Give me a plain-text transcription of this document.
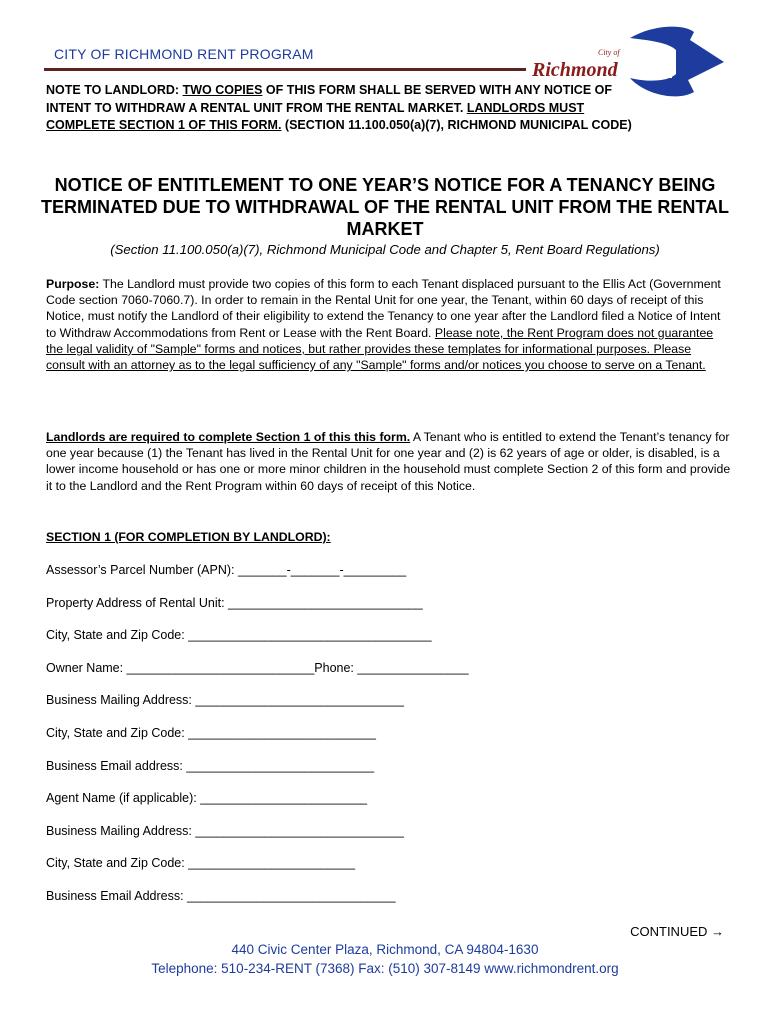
CITY OF RICHMOND RENT PROGRAM	City of
Richmond
NOTE TO LANDLORD: TWO COPIES OF THIS FORM SHALL BE SERVED WITH ANY NOTICE OF INTENT TO WITHDRAW A RENTAL UNIT FROM THE RENTAL MARKET. LANDLORDS MUST COMPLETE SECTION 1 OF THIS FORM. (SECTION 11.100.050(a)(7), RICHMOND MUNICIPAL CODE)
NOTICE OF ENTITLEMENT TO ONE YEAR’S NOTICE FOR A TENANCY BEING TERMINATED DUE TO WITHDRAWAL OF THE RENTAL UNIT FROM THE RENTAL MARKET
(Section 11.100.050(a)(7), Richmond Municipal Code and Chapter 5, Rent Board Regulations)
Purpose: The Landlord must provide two copies of this form to each Tenant displaced pursuant to the Ellis Act (Government Code section 7060-7060.7). In order to remain in the Rental Unit for one year, the Tenant, within 60 days of receipt of this Notice, must notify the Landlord of their eligibility to extend the Tenancy to one year after the Landlord filed a Notice of Intent to Withdraw Accommodations from Rent or Lease with the Rent Board. Please note, the Rent Program does not guarantee the legal validity of "Sample" forms and notices, but rather provides these templates for informational purposes. Please consult with an attorney as to the legal sufficiency of any "Sample" forms and/or notices you choose to serve on a Tenant.
Landlords are required to complete Section 1 of this this form. A Tenant who is entitled to extend the Tenant’s tenancy for one year because (1) the Tenant has lived in the Rental Unit for one year and (2) is 62 years of age or older, is disabled, is a lower income household or has one or more minor children in the household must complete Section 2 of this form and provide it to the Landlord and the Rent Program within 60 days of receipt of this Notice.
SECTION 1 (FOR COMPLETION BY LANDLORD):
Assessor’s Parcel Number (APN): _______-_______-_________
Property Address of Rental Unit: ____________________________
City, State and Zip Code: ___________________________________
Owner Name: ___________________________Phone: ________________
Business Mailing Address: ______________________________
City, State and Zip Code: ___________________________
Business Email address: ___________________________
Agent Name (if applicable): ________________________
Business Mailing Address: ______________________________
City, State and Zip Code: ________________________
Business Email Address: ______________________________
CONTINUED →
440 Civic Center Plaza, Richmond, CA 94804-1630
Telephone: 510-234-RENT (7368) Fax: (510) 307-8149 www.richmondrent.org
